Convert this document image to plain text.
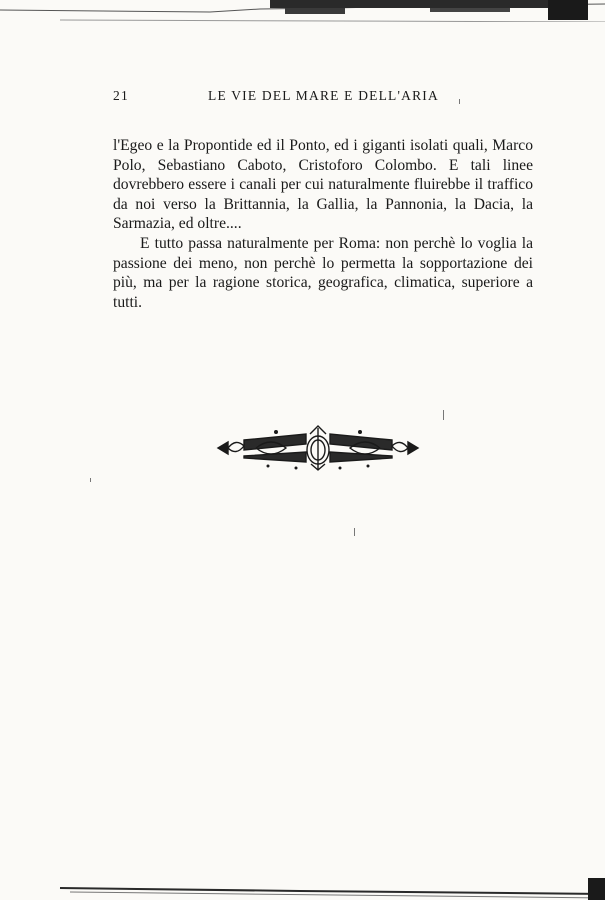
21	LE VIE DEL MARE E DELL'ARIA

l'Egeo e la Propontide ed il Ponto, ed i giganti isolati quali, Marco Polo, Sebastiano Caboto, Cristoforo Colombo. E tali linee dovrebbero essere i canali per cui naturalmente fluirebbe il traffico da noi verso la Brittannia, la Gallia, la Pannonia, la Dacia, la Sarmazia, ed oltre....

E tutto passa naturalmente per Roma: non perchè lo voglia la passione dei meno, non perchè lo permetta la sopportazione dei più, ma per la ragione storica, geografica, climatica, superiore a tutti.
